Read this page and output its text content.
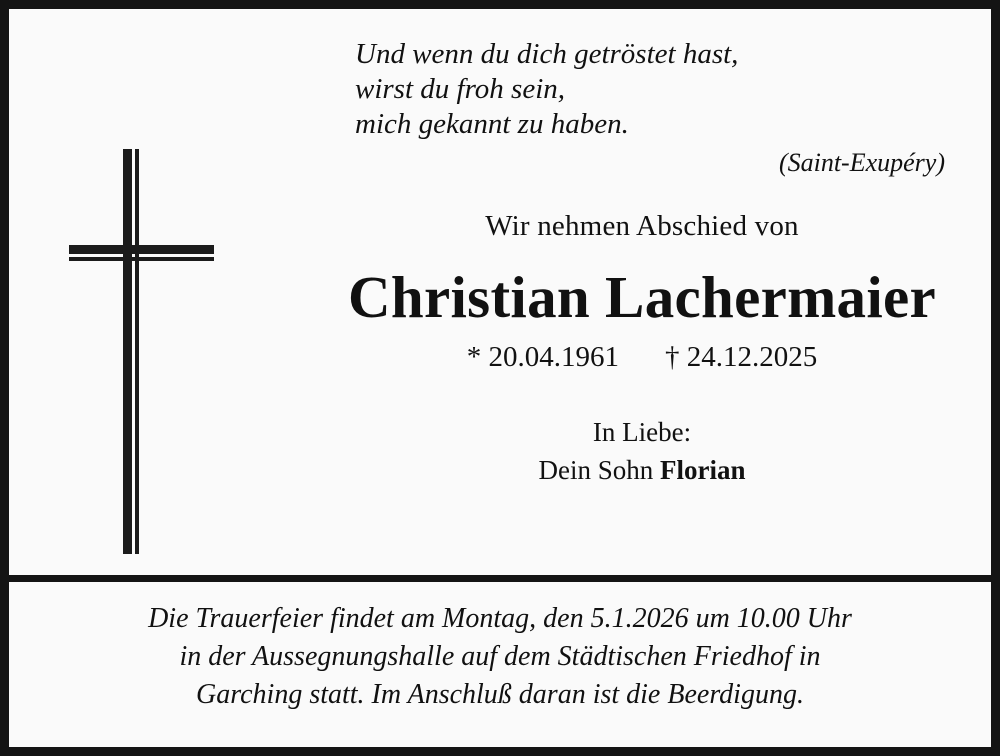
Und wenn du dich getröstet hast,
wirst du froh sein,
mich gekannt zu haben.
(Saint-Exupéry)
Wir nehmen Abschied von
Christian Lachermaier
* 20.04.1961 † 24.12.2025
In Liebe:
Dein Sohn Florian
Die Trauerfeier findet am Montag, den 5.1.2026 um 10.00 Uhr
in der Aussegnungshalle auf dem Städtischen Friedhof in
Garching statt. Im Anschluß daran ist die Beerdigung.
